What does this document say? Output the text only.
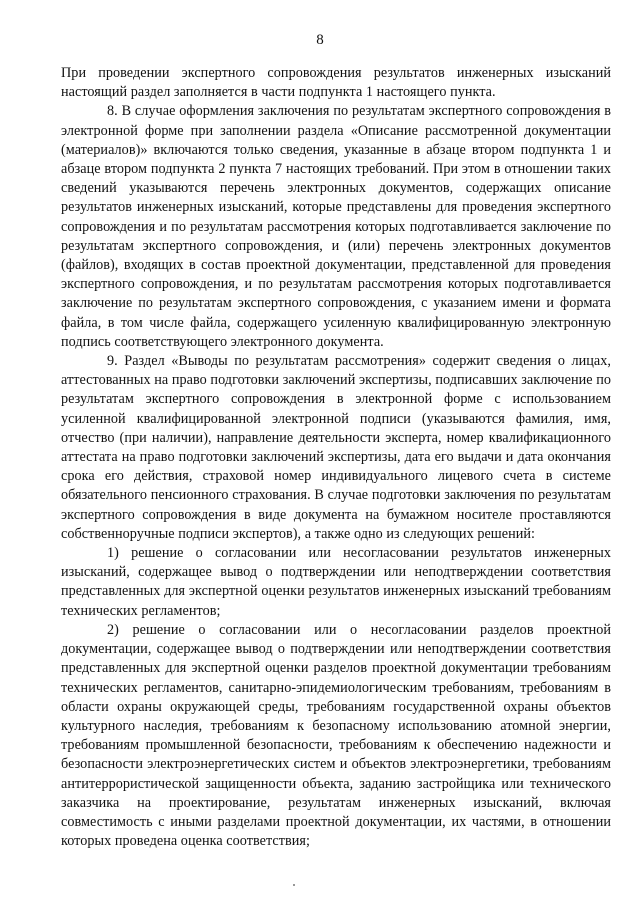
8

При проведении экспертного сопровождения результатов инженерных изысканий настоящий раздел заполняется в части подпункта 1 настоящего пункта.

8. В случае оформления заключения по результатам экспертного сопровождения в электронной форме при заполнении раздела «Описание рассмотренной документации (материалов)» включаются только сведения, указанные в абзаце втором подпункта 1 и абзаце втором подпункта 2 пункта 7 настоящих требований. При этом в отношении таких сведений указываются перечень электронных документов, содержащих описание результатов инженерных изысканий, которые представлены для проведения экспертного сопровождения и по результатам рассмотрения которых подготавливается заключение по результатам экспертного сопровождения, и (или) перечень электронных документов (файлов), входящих в состав проектной документации, представленной для проведения экспертного сопровождения, и по результатам рассмотрения которых подготавливается заключение по результатам экспертного сопровождения, с указанием имени и формата файла, в том числе файла, содержащего усиленную квалифицированную электронную подпись соответствующего электронного документа.

9. Раздел «Выводы по результатам рассмотрения» содержит сведения о лицах, аттестованных на право подготовки заключений экспертизы, подписавших заключение по результатам экспертного сопровождения в электронной форме с использованием усиленной квалифицированной электронной подписи (указываются фамилия, имя, отчество (при наличии), направление деятельности эксперта, номер квалификационного аттестата на право подготовки заключений экспертизы, дата его выдачи и дата окончания срока его действия, страховой номер индивидуального лицевого счета в системе обязательного пенсионного страхования. В случае подготовки заключения по результатам экспертного сопровождения в виде документа на бумажном носителе проставляются собственноручные подписи экспертов), а также одно из следующих решений:

1) решение о согласовании или несогласовании результатов инженерных изысканий, содержащее вывод о подтверждении или неподтверждении соответствия представленных для экспертной оценки результатов инженерных изысканий требованиям технических регламентов;

2) решение о согласовании или о несогласовании разделов проектной документации, содержащее вывод о подтверждении или неподтверждении соответствия представленных для экспертной оценки разделов проектной документации требованиям технических регламентов, санитарно-эпидемиологическим требованиям, требованиям в области охраны окружающей среды, требованиям государственной охраны объектов культурного наследия, требованиям к безопасному использованию атомной энергии, требованиям промышленной безопасности, требованиям к обеспечению надежности и безопасности электроэнергетических систем и объектов электроэнергетики, требованиям антитеррористической защищенности объекта, заданию застройщика или технического заказчика на проектирование, результатам инженерных изысканий, включая совместимость с иными разделами проектной документации, их частями, в отношении которых проведена оценка соответствия;
